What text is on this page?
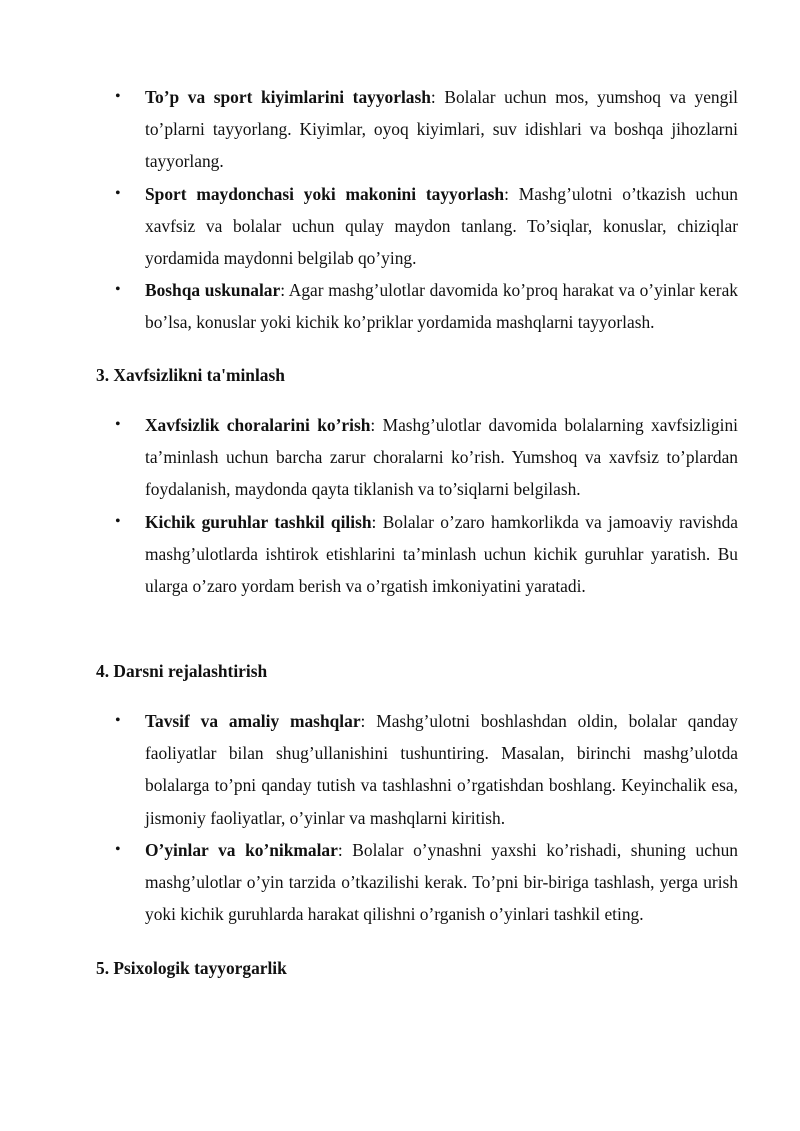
•	To’p va sport kiyimlarini tayyorlash: Bolalar uchun mos, yumshoq va yengil to’plarni tayyorlang. Kiyimlar, oyoq kiyimlari, suv idishlari va boshqa jihozlarni tayyorlang.
•	Sport maydonchasi yoki makonini tayyorlash: Mashg’ulotni o’tkazish uchun xavfsiz va bolalar uchun qulay maydon tanlang. To’siqlar, konuslar, chiziqlar yordamida maydonni belgilab qo’ying.
•	Boshqa uskunalar: Agar mashg’ulotlar davomida ko’proq harakat va o’yinlar kerak bo’lsa, konuslar yoki kichik ko’priklar yordamida mashqlarni tayyorlash.
3. Xavfsizlikni ta'minlash
•	Xavfsizlik choralarini ko’rish: Mashg’ulotlar davomida bolalarning xavfsizligini ta’minlash uchun barcha zarur choralarni ko’rish. Yumshoq va xavfsiz to’plardan foydalanish, maydonda qayta tiklanish va to’siqlarni belgilash.
•	Kichik guruhlar tashkil qilish: Bolalar o’zaro hamkorlikda va jamoaviy ravishda mashg’ulotlarda ishtirok etishlarini ta’minlash uchun kichik guruhlar yaratish. Bu ularga o’zaro yordam berish va o’rgatish imkoniyatini yaratadi.
4. Darsni rejalashtirish
•	Tavsif va amaliy mashqlar: Mashg’ulotni boshlashdan oldin, bolalar qanday faoliyatlar bilan shug’ullanishini tushuntiring. Masalan, birinchi mashg’ulotda bolalarga to’pni qanday tutish va tashlashni o’rgatishdan boshlang. Keyinchalik esa, jismoniy faoliyatlar, o’yinlar va mashqlarni kiritish.
•	O’yinlar va ko’nikmalar: Bolalar o’ynashni yaxshi ko’rishadi, shuning uchun mashg’ulotlar o’yin tarzida o’tkazilishi kerak. To’pni bir-biriga tashlash, yerga urish yoki kichik guruhlarda harakat qilishni o’rganish o’yinlari tashkil eting.
5. Psixologik tayyorgarlik
